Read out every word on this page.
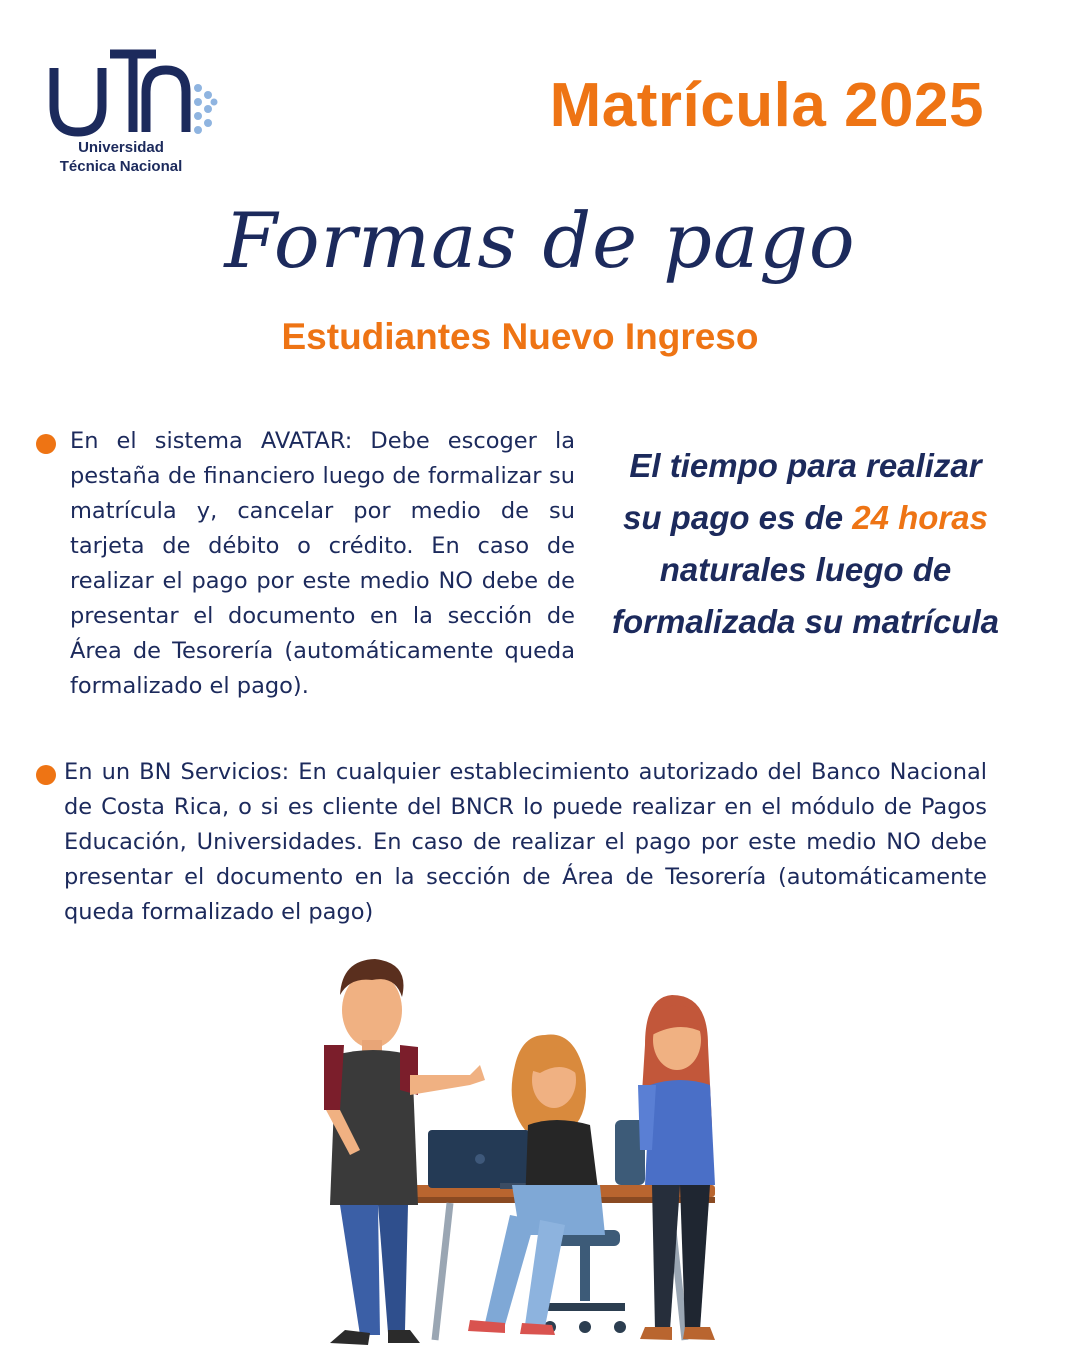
Universidad
Técnica Nacional
Matrícula 2025
Formas de pago
Estudiantes Nuevo Ingreso
En el sistema AVATAR: Debe escoger la pestaña de financiero luego de formalizar su matrícula y, cancelar por medio de su tarjeta de débito o crédito. En caso de realizar el pago por este medio NO debe de presentar el documento en la sección de Área de Tesorería (automáticamente queda formalizado el pago).
El tiempo para realizar su pago es de 24 horas naturales luego de formalizada su matrícula
En un BN Servicios: En cualquier establecimiento autorizado del Banco Nacional de Costa Rica, o si es cliente del BNCR lo puede realizar en el módulo de Pagos Educación, Universidades. En caso de realizar el pago por este medio NO debe presentar el documento en la sección de Área de Tesorería (automáticamente queda formalizado el pago)
